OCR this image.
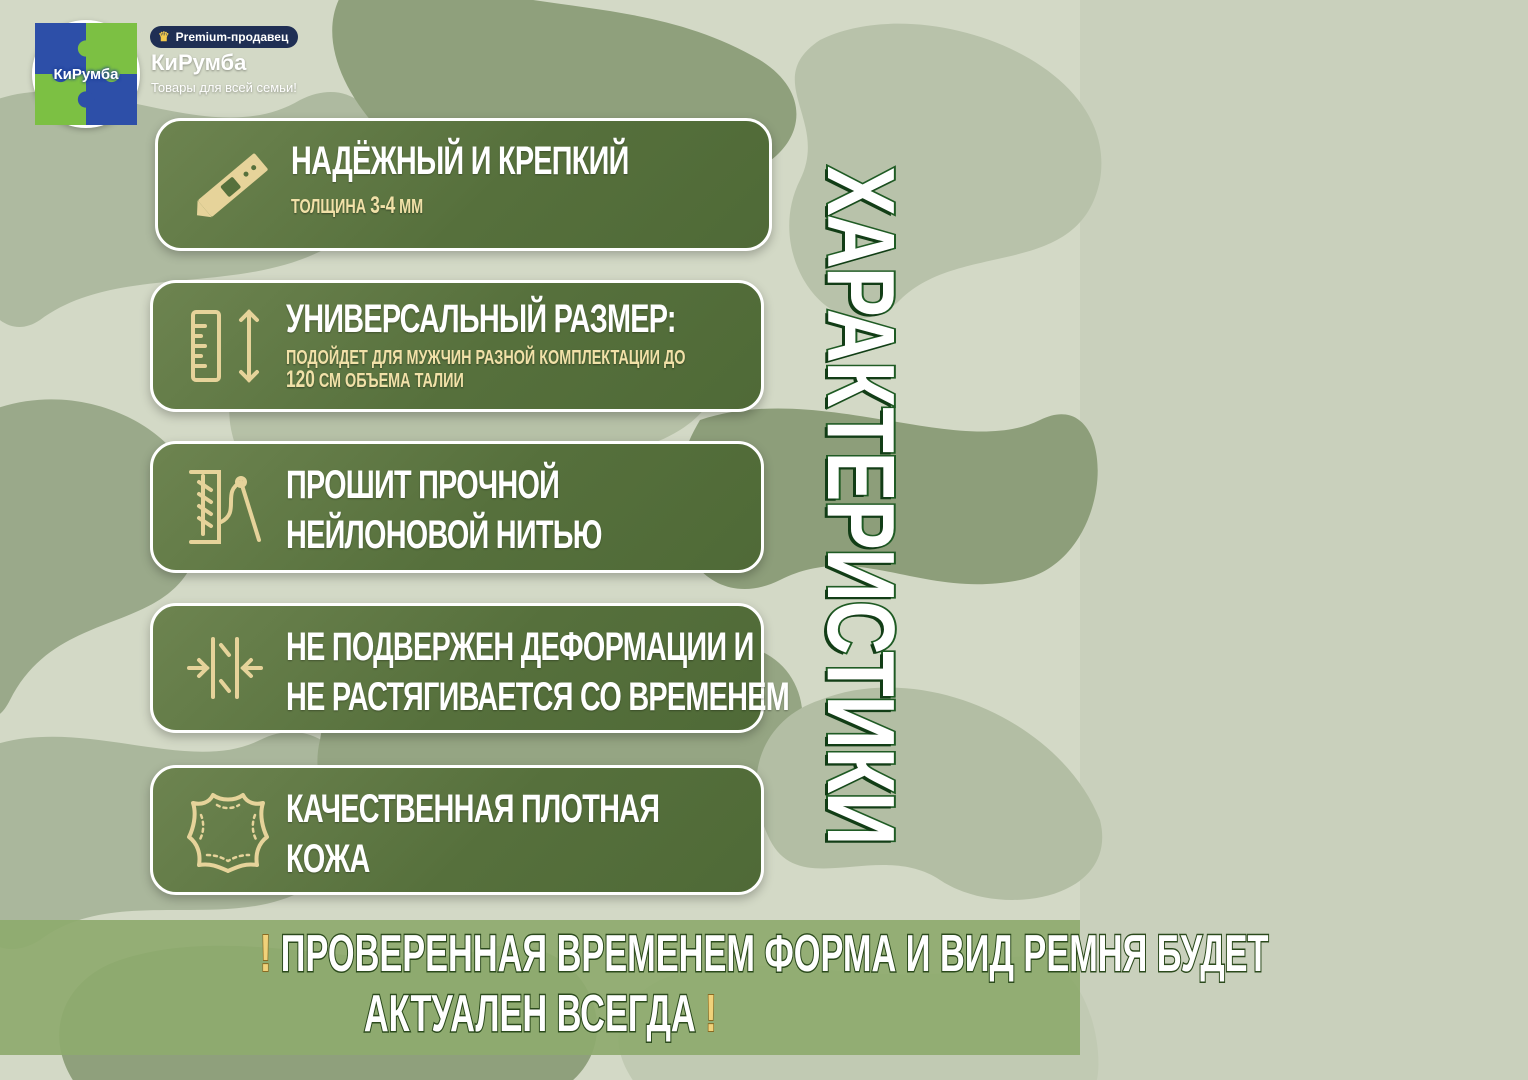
КиРумба
♛ Premium-продавец
КиРумба
Товары для всей семьи!
НАДЁЖНЫЙ И КРЕПКИЙ
ТОЛЩИНА 3-4 ММ
УНИВЕРСАЛЬНЫЙ РАЗМЕР:
ПОДОЙДЕТ ДЛЯ МУЖЧИН РАЗНОЙ КОМПЛЕКТАЦИИ ДО
120 СМ ОБЪЕМА ТАЛИИ
ПРОШИТ ПРОЧНОЙ
НЕЙЛОНОВОЙ НИТЬЮ
НЕ ПОДВЕРЖЕН ДЕФОРМАЦИИ И
НЕ РАСТЯГИВАЕТСЯ СО ВРЕМЕНЕМ
КАЧЕСТВЕННАЯ ПЛОТНАЯ
КОЖА
ХАРАКТЕРИСТИКИ
! ПРОВЕРЕННАЯ ВРЕМЕНЕМ ФОРМА И ВИД РЕМНЯ БУДЕТ
АКТУАЛЕН ВСЕГДА !
